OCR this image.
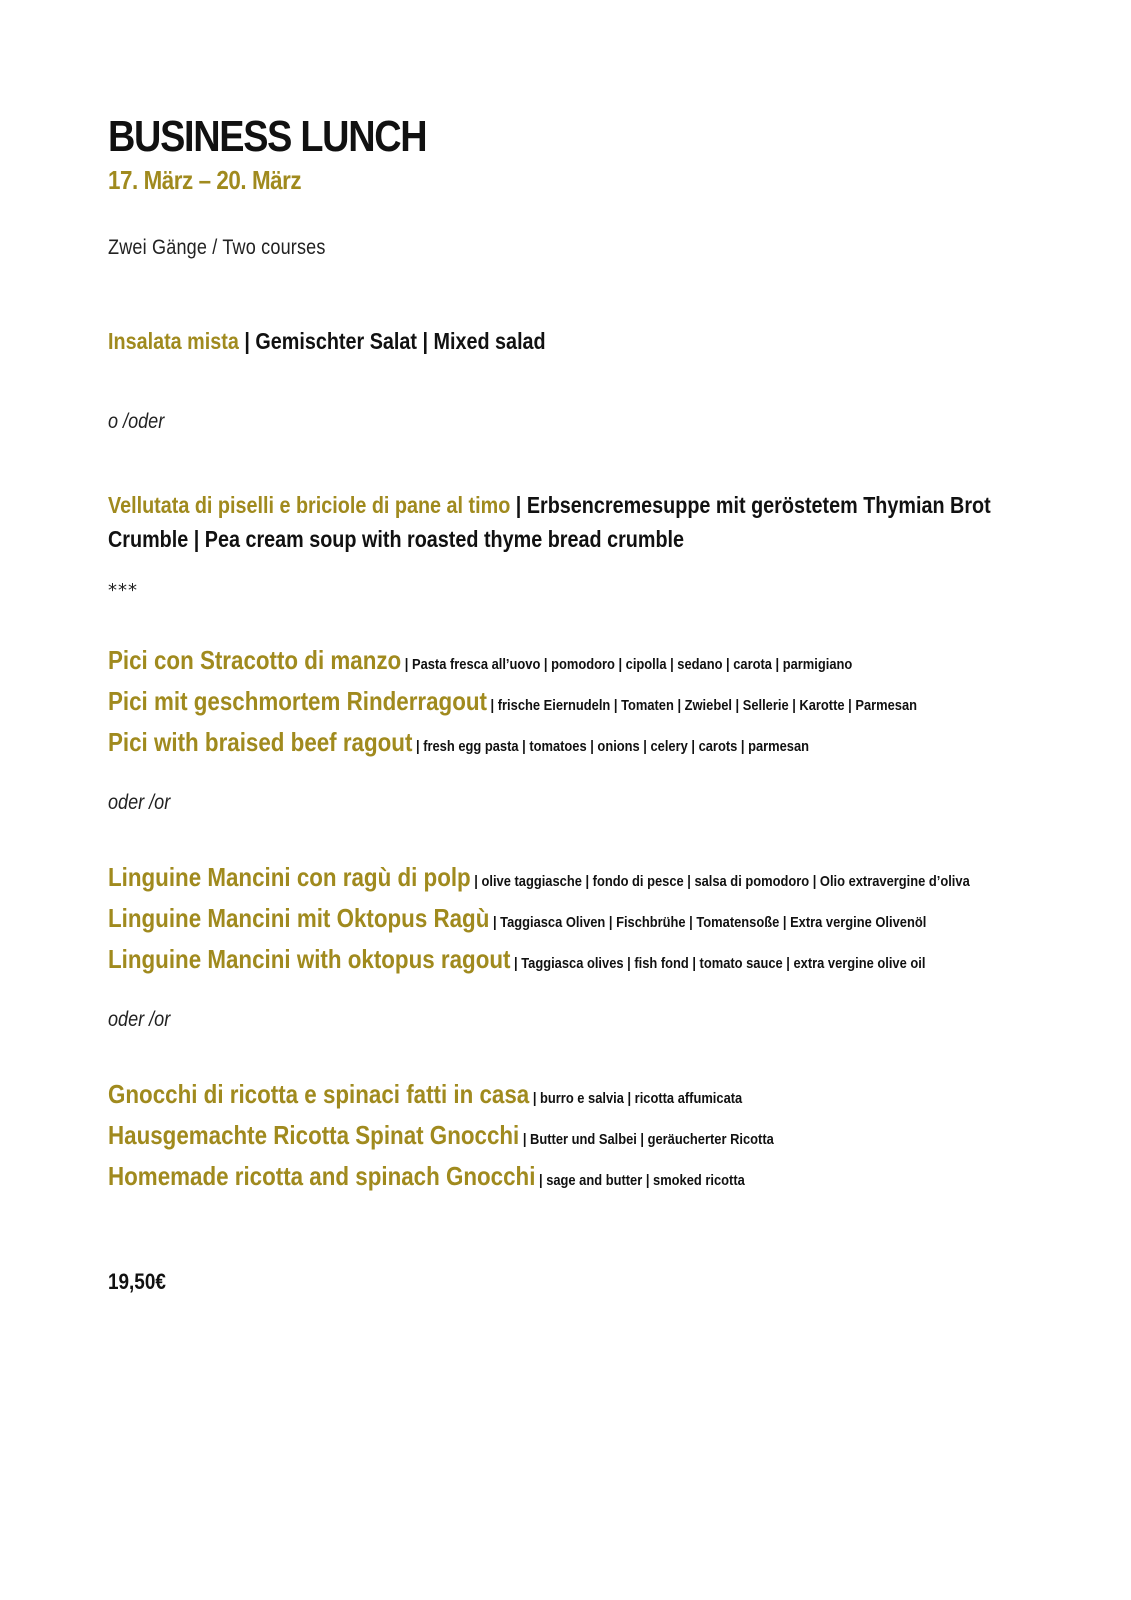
BUSINESS LUNCH
17. März – 20. März
Zwei Gänge / Two courses
Insalata mista | Gemischter Salat | Mixed salad
o /oder
Vellutata di piselli e briciole di pane al timo | Erbsencremesuppe mit geröstetem Thymian Brot Crumble | Pea cream soup with roasted thyme bread crumble
***
Pici con Stracotto di manzo | Pasta fresca all’uovo | pomodoro | cipolla | sedano | carota | parmigiano
Pici mit geschmortem Rinderragout | frische Eiernudeln | Tomaten | Zwiebel | Sellerie | Karotte | Parmesan
Pici with braised beef ragout | fresh egg pasta | tomatoes | onions | celery | carots | parmesan
oder /or
Linguine Mancini con ragù di polp | olive taggiasche | fondo di pesce | salsa di pomodoro | Olio extravergine d’oliva
Linguine Mancini mit Oktopus Ragù | Taggiasca Oliven | Fischbrühe | Tomatensoße | Extra vergine Olivenöl
Linguine Mancini with oktopus ragout | Taggiasca olives | fish fond | tomato sauce | extra vergine olive oil
oder /or
Gnocchi di ricotta e spinaci fatti in casa | burro e salvia | ricotta affumicata
Hausgemachte Ricotta Spinat Gnocchi | Butter und Salbei | geräucherter Ricotta
Homemade ricotta and spinach Gnocchi | sage and butter | smoked ricotta
19,50€
